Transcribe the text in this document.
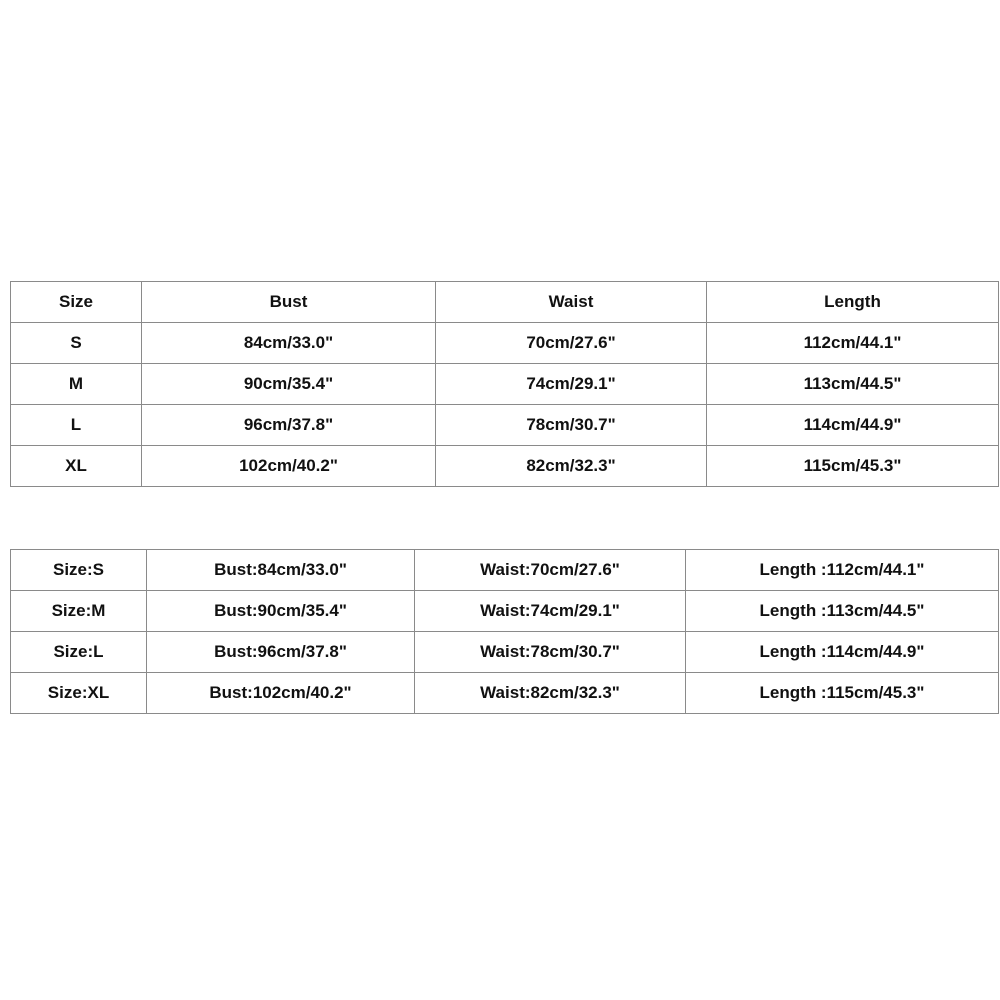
Size	Bust	Waist	Length
S	84cm/33.0"	70cm/27.6"	112cm/44.1"
M	90cm/35.4"	74cm/29.1"	113cm/44.5"
L	96cm/37.8"	78cm/30.7"	114cm/44.9"
XL	102cm/40.2"	82cm/32.3"	115cm/45.3"
Size:S	Bust:84cm/33.0"	Waist:70cm/27.6"	Length :112cm/44.1"
Size:M	Bust:90cm/35.4"	Waist:74cm/29.1"	Length :113cm/44.5"
Size:L	Bust:96cm/37.8"	Waist:78cm/30.7"	Length :114cm/44.9"
Size:XL	Bust:102cm/40.2"	Waist:82cm/32.3"	Length :115cm/45.3"
